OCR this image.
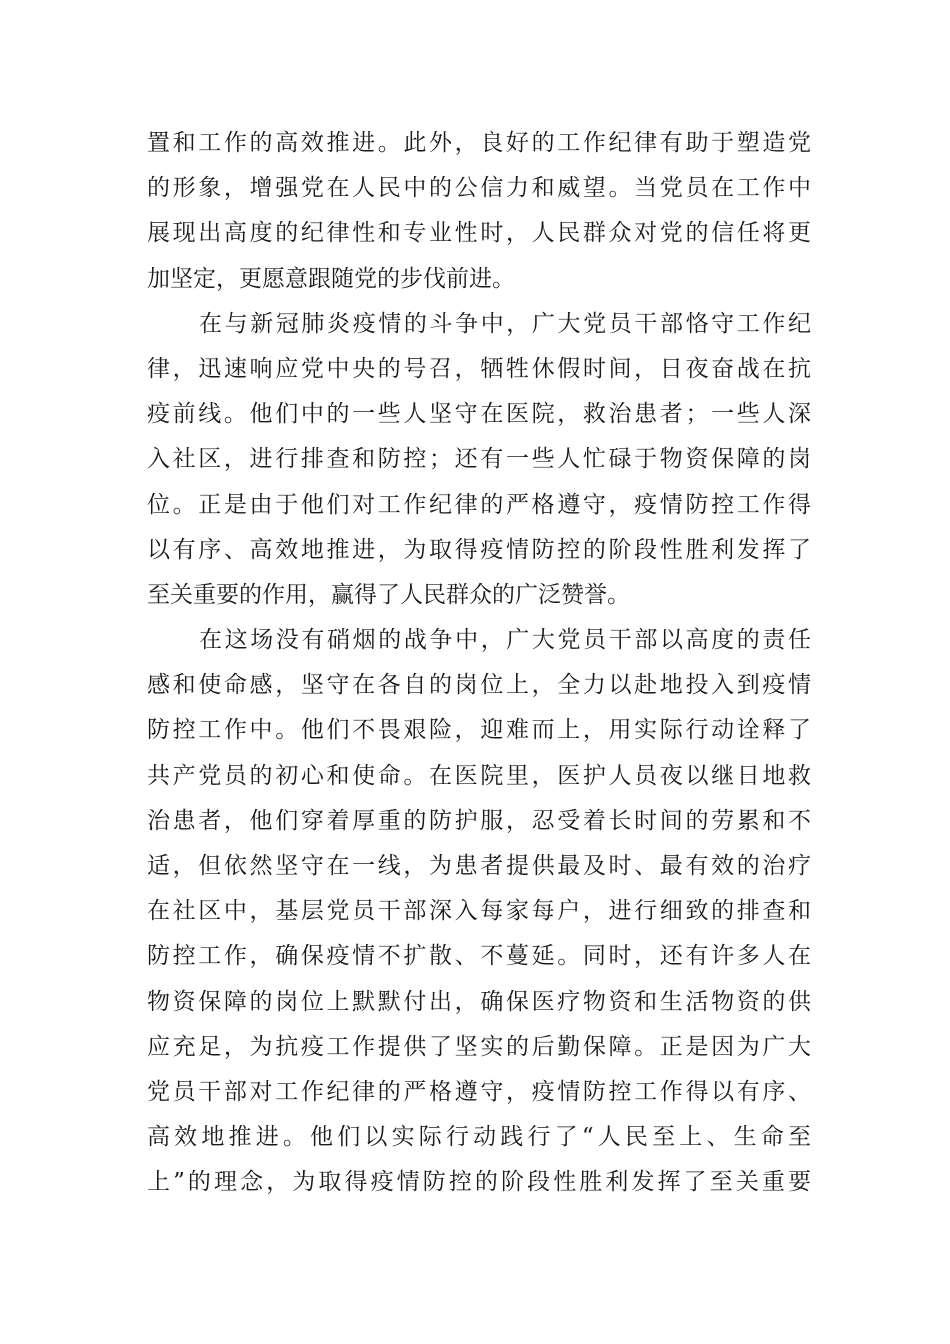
置和工作的高效推进。此外，良好的工作纪律有助于塑造党
的形象，增强党在人民中的公信力和威望。当党员在工作中
展现出高度的纪律性和专业性时，人民群众对党的信任将更
加坚定，更愿意跟随党的步伐前进。
在与新冠肺炎疫情的斗争中，广大党员干部恪守工作纪
律，迅速响应党中央的号召，牺牲休假时间，日夜奋战在抗
疫前线。他们中的一些人坚守在医院，救治患者；一些人深
入社区，进行排查和防控；还有一些人忙碌于物资保障的岗
位。正是由于他们对工作纪律的严格遵守，疫情防控工作得
以有序、高效地推进，为取得疫情防控的阶段性胜利发挥了
至关重要的作用，赢得了人民群众的广泛赞誉。
在这场没有硝烟的战争中，广大党员干部以高度的责任
感和使命感，坚守在各自的岗位上，全力以赴地投入到疫情
防控工作中。他们不畏艰险，迎难而上，用实际行动诠释了
共产党员的初心和使命。在医院里，医护人员夜以继日地救
治患者，他们穿着厚重的防护服，忍受着长时间的劳累和不
适，但依然坚守在一线，为患者提供最及时、最有效的治疗
在社区中，基层党员干部深入每家每户，进行细致的排查和
防控工作，确保疫情不扩散、不蔓延。同时，还有许多人在
物资保障的岗位上默默付出，确保医疗物资和生活物资的供
应充足，为抗疫工作提供了坚实的后勤保障。正是因为广大
党员干部对工作纪律的严格遵守，疫情防控工作得以有序、
高效地推进。他们以实际行动践行了“人民至上、生命至
上”的理念，为取得疫情防控的阶段性胜利发挥了至关重要
